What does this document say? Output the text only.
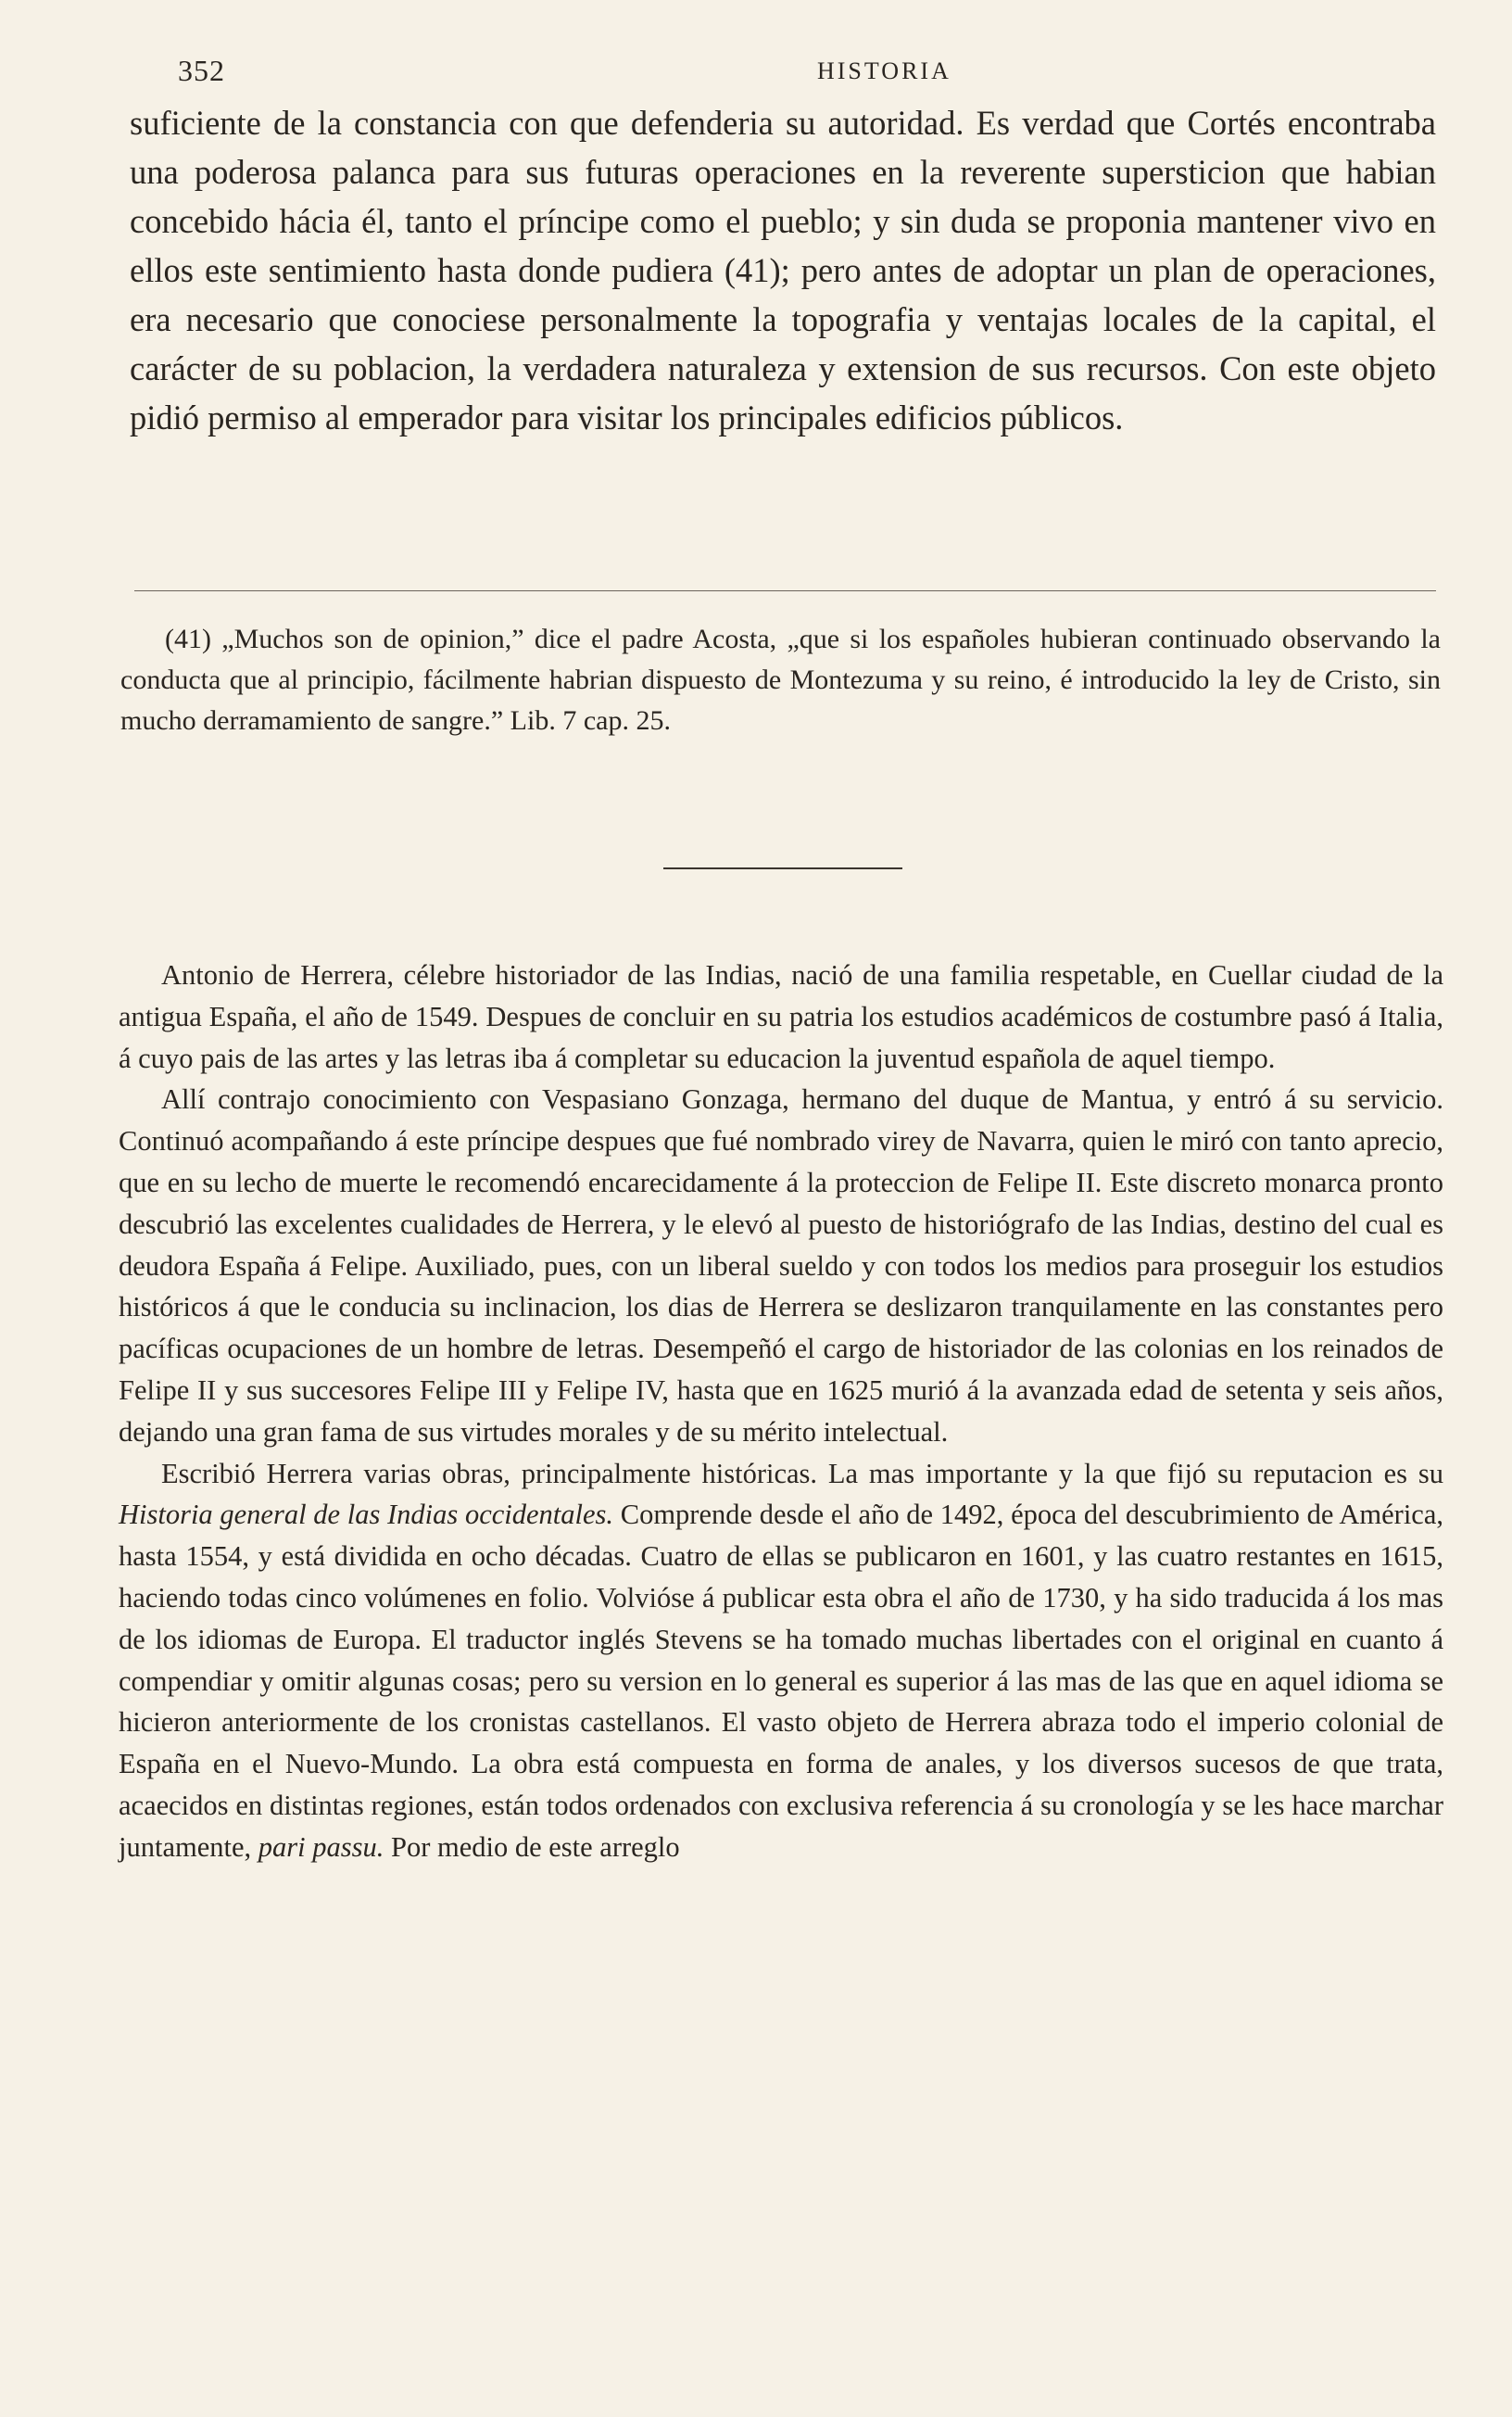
352	HISTORIA

suficiente de la constancia con que defenderia su autoridad. Es verdad que Cortés encontraba una poderosa palanca para sus futuras operaciones en la reverente supersticion que habian concebido hácia él, tanto el príncipe como el pueblo; y sin duda se proponia mantener vivo en ellos este sentimiento hasta donde pudiera (41); pero antes de adoptar un plan de operaciones, era necesario que conociese personalmente la topografia y ventajas locales de la capital, el carácter de su poblacion, la verdadera naturaleza y extension de sus recursos. Con este objeto pidió permiso al emperador para visitar los principales edificios públicos.

(41) „Muchos son de opinion,” dice el padre Acosta, „que si los españoles hubieran continuado observando la conducta que al principio, fácilmente habrian dispuesto de Montezuma y su reino, é introducido la ley de Cristo, sin mucho derramamiento de sangre.” Lib. 7 cap. 25.

Antonio de Herrera, célebre historiador de las Indias, nació de una familia respetable, en Cuellar ciudad de la antigua España, el año de 1549. Despues de concluir en su patria los estudios académicos de costumbre pasó á Italia, á cuyo pais de las artes y las letras iba á completar su educacion la juventud española de aquel tiempo.

Allí contrajo conocimiento con Vespasiano Gonzaga, hermano del duque de Mantua, y entró á su servicio. Continuó acompañando á este príncipe despues que fué nombrado virey de Navarra, quien le miró con tanto aprecio, que en su lecho de muerte le recomendó encarecidamente á la proteccion de Felipe II. Este discreto monarca pronto descubrió las excelentes cualidades de Herrera, y le elevó al puesto de historiógrafo de las Indias, destino del cual es deudora España á Felipe. Auxiliado, pues, con un liberal sueldo y con todos los medios para proseguir los estudios históricos á que le conducia su inclinacion, los dias de Herrera se deslizaron tranquilamente en las constantes pero pacíficas ocupaciones de un hombre de letras. Desempeñó el cargo de historiador de las colonias en los reinados de Felipe II y sus succesores Felipe III y Felipe IV, hasta que en 1625 murió á la avanzada edad de setenta y seis años, dejando una gran fama de sus virtudes morales y de su mérito intelectual.

Escribió Herrera varias obras, principalmente históricas. La mas importante y la que fijó su reputacion es su Historia general de las Indias occidentales. Comprende desde el año de 1492, época del descubrimiento de América, hasta 1554, y está dividida en ocho décadas. Cuatro de ellas se publicaron en 1601, y las cuatro restantes en 1615, haciendo todas cinco volúmenes en folio. Volvióse á publicar esta obra el año de 1730, y ha sido traducida á los mas de los idiomas de Europa. El traductor inglés Stevens se ha tomado muchas libertades con el original en cuanto á compendiar y omitir algunas cosas; pero su version en lo general es superior á las mas de las que en aquel idioma se hicieron anteriormente de los cronistas castellanos. El vasto objeto de Herrera abraza todo el imperio colonial de España en el Nuevo-Mundo. La obra está compuesta en forma de anales, y los diversos sucesos de que trata, acaecidos en distintas regiones, están todos ordenados con exclusiva referencia á su cronología y se les hace marchar juntamente, pari passu. Por medio de este arreglo
